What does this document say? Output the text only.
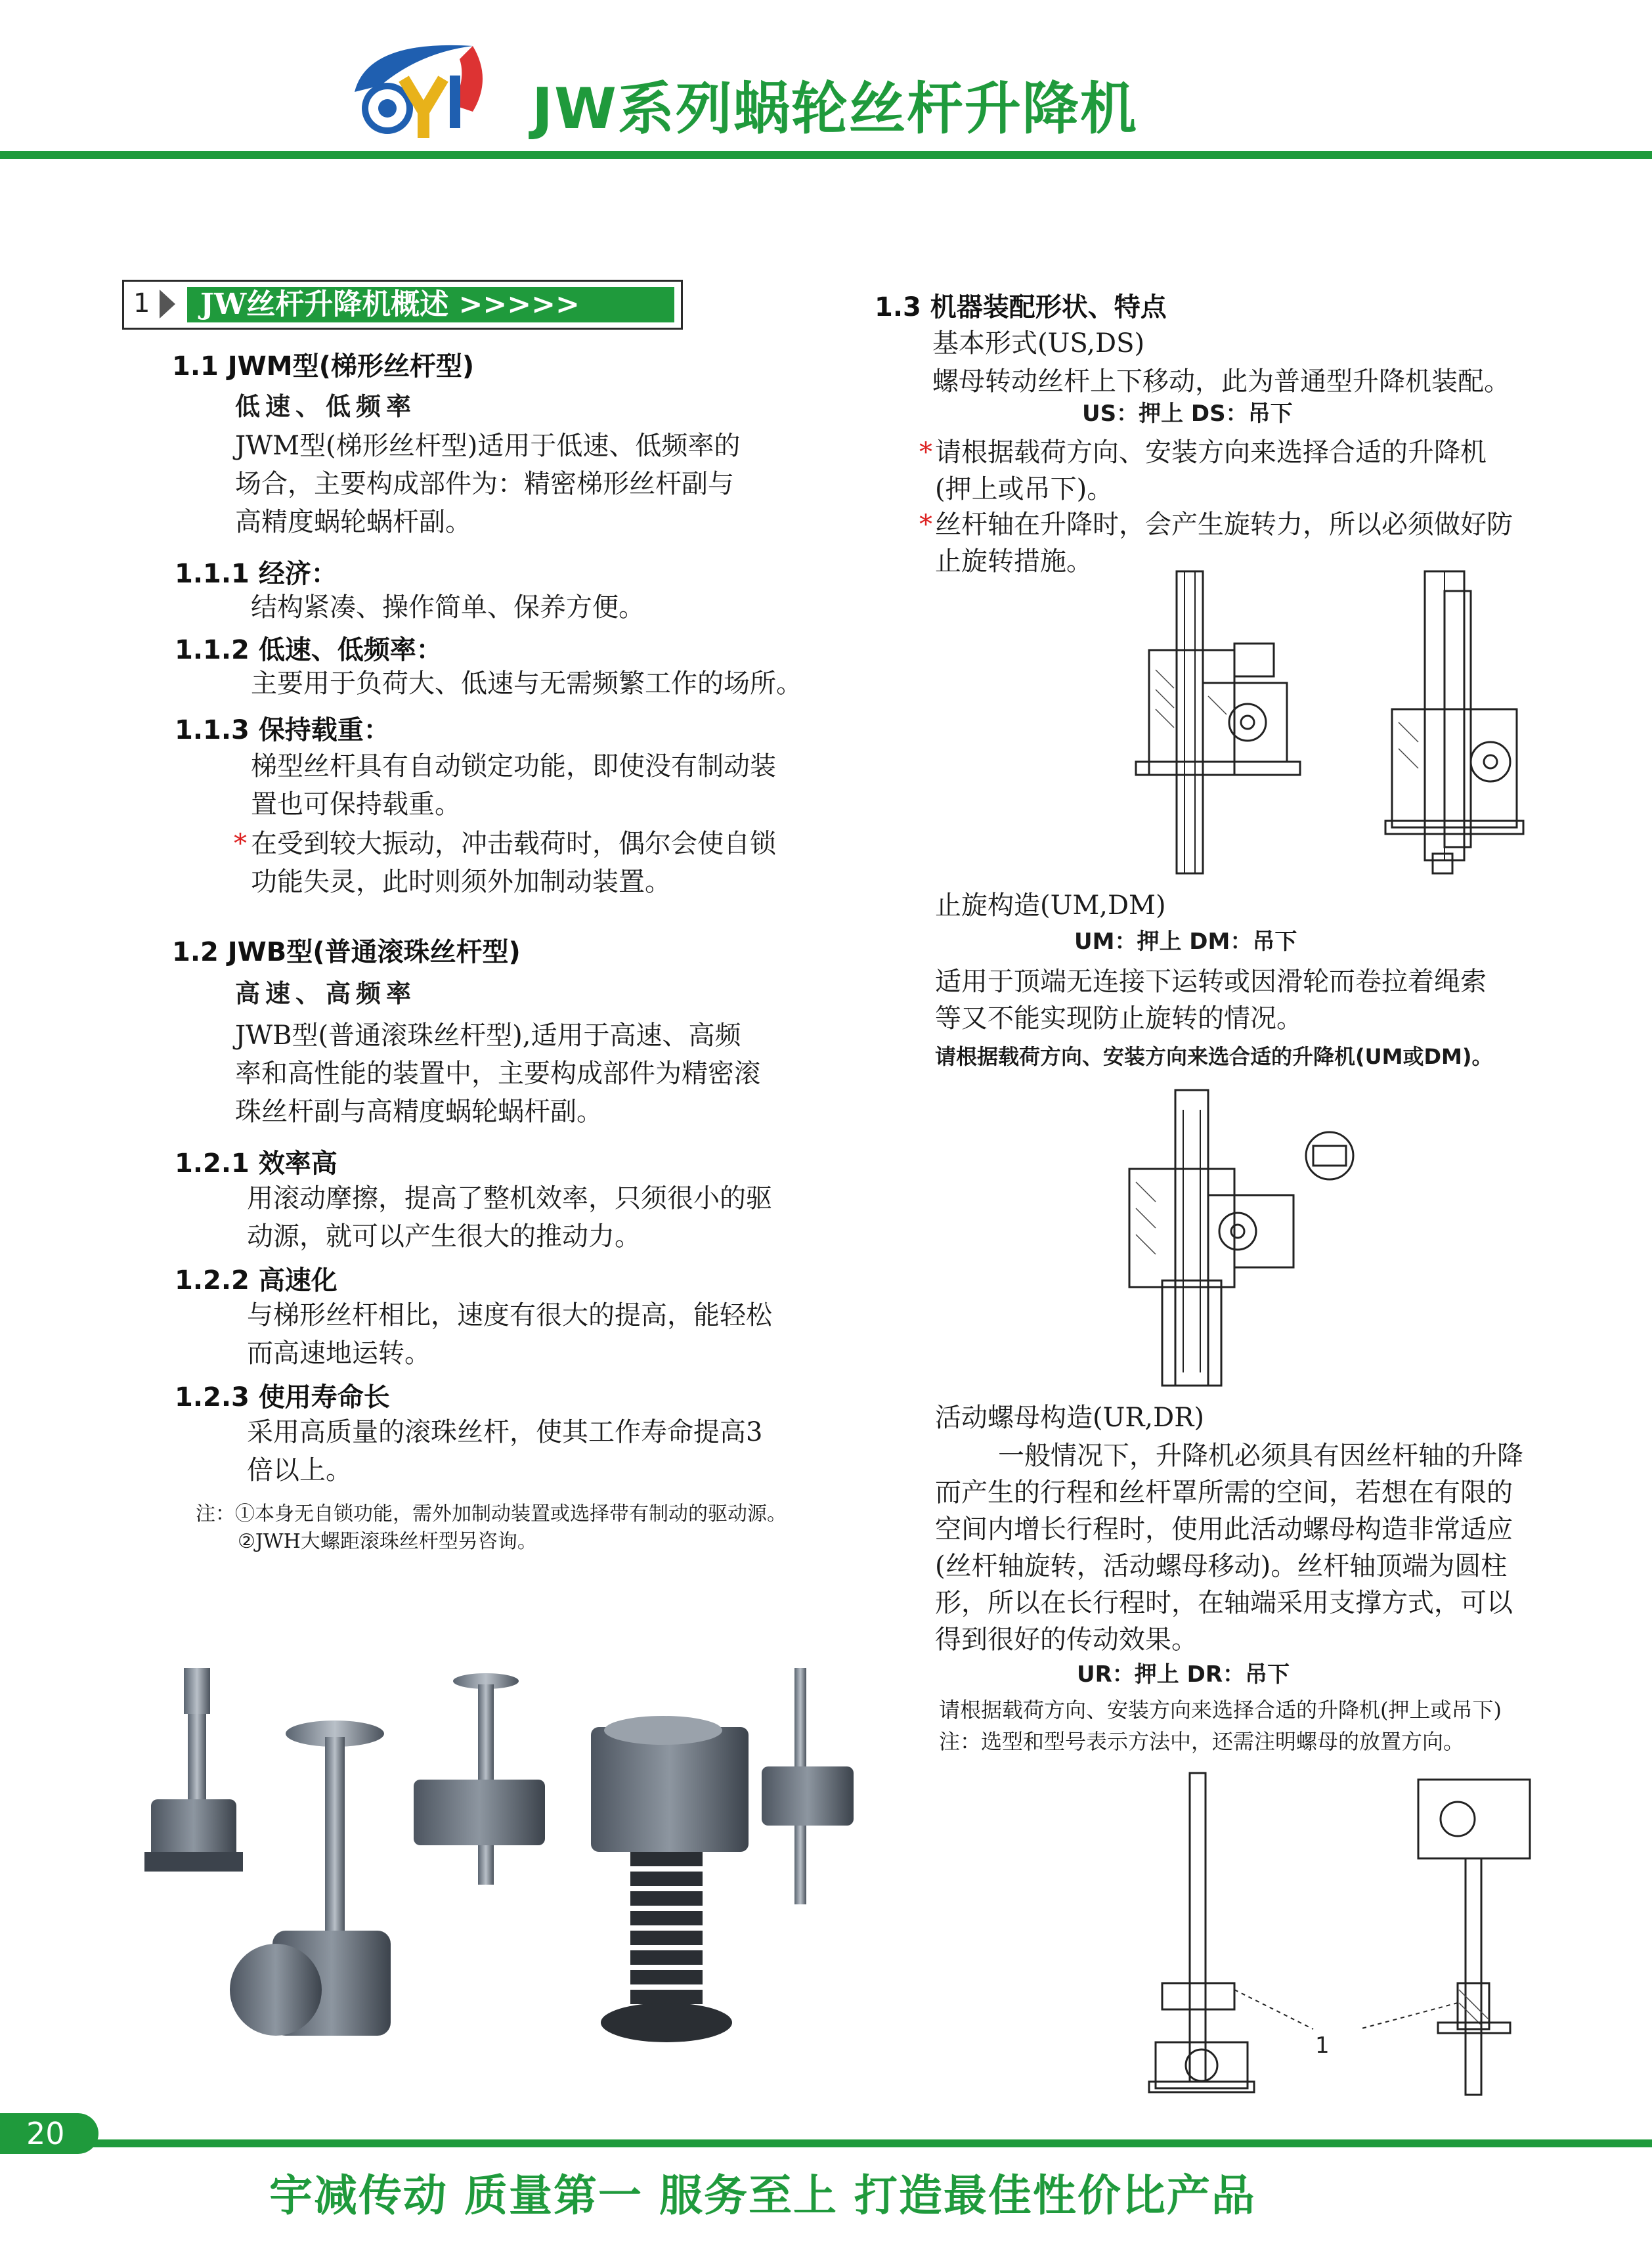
JW系列蜗轮丝杆升降机
1 JW丝杆升降机概述 >>>>>
1.1 JWM型(梯形丝杆型)
低速、低频率
JWM型(梯形丝杆型)适用于低速、低频率的
场合，主要构成部件为：精密梯形丝杆副与
高精度蜗轮蜗杆副。
1.1.1 经济：
结构紧凑、操作简单、保养方便。
1.1.2 低速、低频率：
主要用于负荷大、低速与无需频繁工作的场所。
1.1.3 保持载重：
梯型丝杆具有自动锁定功能，即使没有制动装
置也可保持载重。
* 在受到较大振动，冲击载荷时，偶尔会使自锁
功能失灵，此时则须外加制动装置。
1.2 JWB型(普通滚珠丝杆型)
高速、高频率
JWB型(普通滚珠丝杆型),适用于高速、高频
率和高性能的装置中，主要构成部件为精密滚
珠丝杆副与高精度蜗轮蜗杆副。
1.2.1 效率高
用滚动摩擦，提高了整机效率，只须很小的驱
动源，就可以产生很大的推动力。
1.2.2 高速化
与梯形丝杆相比，速度有很大的提高，能轻松
而高速地运转。
1.2.3 使用寿命长
采用高质量的滚珠丝杆，使其工作寿命提高3
倍以上。
注：①本身无自锁功能，需外加制动装置或选择带有制动的驱动源。
②JWH大螺距滚珠丝杆型另咨询。
1.3 机器装配形状、特点
基本形式(US,DS)
螺母转动丝杆上下移动，此为普通型升降机装配。
US：押上 DS：吊下
* 请根据载荷方向、安装方向来选择合适的升降机
(押上或吊下)。
* 丝杆轴在升降时，会产生旋转力，所以必须做好防
止旋转措施。
止旋构造(UM,DM)
UM：押上 DM：吊下
适用于顶端无连接下运转或因滑轮而卷拉着绳索
等又不能实现防止旋转的情况。
请根据载荷方向、安装方向来选合适的升降机(UM或DM)。
活动螺母构造(UR,DR)
一般情况下，升降机必须具有因丝杆轴的升降
而产生的行程和丝杆罩所需的空间，若想在有限的
空间内增长行程时，使用此活动螺母构造非常适应
(丝杆轴旋转，活动螺母移动)。丝杆轴顶端为圆柱
形，所以在长行程时，在轴端采用支撑方式，可以
得到很好的传动效果。
UR：押上 DR：吊下
请根据载荷方向、安装方向来选择合适的升降机(押上或吊下)
注：选型和型号表示方法中，还需注明螺母的放置方向。
1
20
宇减传动 质量第一 服务至上 打造最佳性价比产品
